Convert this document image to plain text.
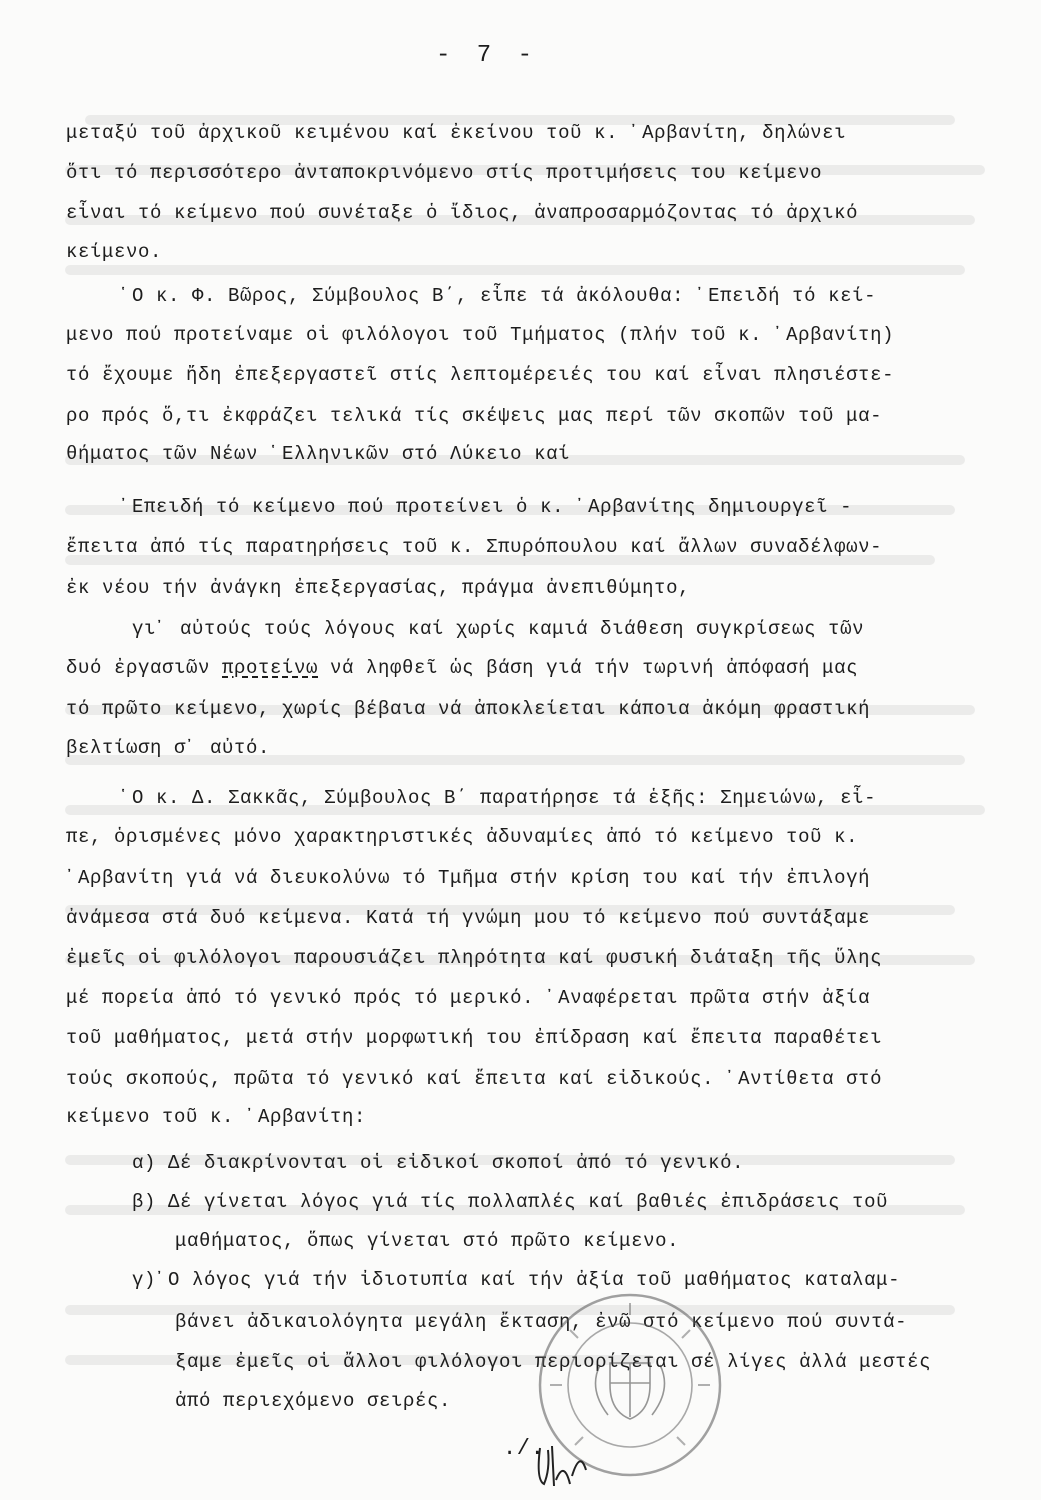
- 7 -
μεταξύ τοῦ ἀρχικοῦ κειμένου καί ἐκείνου τοῦ κ. ᾽Αρβανίτη, δηλώνει
ὅτι τό περισσότερο ἀνταποκρινόμενο στίς προτιμήσεις του κείμενο
εἶναι τό κείμενο πού συνέταξε ὁ ἴδιος, ἀναπροσαρμόζοντας τό ἀρχικό
κείμενο.
῾Ο κ. Φ. Βῶρος, Σύμβουλος Β΄, εἶπε τά ἀκόλουθα: ᾽Επειδή τό κεί-
μενο πού προτείναμε οἱ φιλόλογοι τοῦ Τμήματος (πλήν τοῦ κ. ᾽Αρβανίτη)
τό ἔχουμε ἤδη ἐπεξεργαστεῖ στίς λεπτομέρειές του καί εἶναι πλησιέστε-
ρο πρός ὅ,τι ἐκφράζει τελικά τίς σκέψεις μας περί τῶν σκοπῶν τοῦ μα-
θήματος τῶν Νέων ῾Ελληνικῶν στό Λύκειο καί
᾽Επειδή τό κείμενο πού προτείνει ὁ κ. ᾽Αρβανίτης δημιουργεῖ -
ἔπειτα ἀπό τίς παρατηρήσεις τοῦ κ. Σπυρόπουλου καί ἄλλων συναδέλφων-
ἐκ νέου τήν ἀνάγκη ἐπεξεργασίας, πράγμα ἀνεπιθύμητο,
γι᾽ αὐτούς τούς λόγους καί χωρίς καμιά διάθεση συγκρίσεως τῶν
δυό ἐργασιῶν προτείνω νά ληφθεῖ ὡς βάση γιά τήν τωρινή ἀπόφασή μας
τό πρῶτο κείμενο, χωρίς βέβαια νά ἀποκλείεται κάποια ἀκόμη φραστική
βελτίωση σ᾽ αὐτό.
῾Ο κ. Δ. Σακκᾶς, Σύμβουλος Β΄ παρατήρησε τά ἑξῆς: Σημειώνω, εἶ-
πε, ὁρισμένες μόνο χαρακτηριστικές ἀδυναμίες ἀπό τό κείμενο τοῦ κ.
᾽Αρβανίτη γιά νά διευκολύνω τό Τμῆμα στήν κρίση του καί τήν ἐπιλογή
ἀνάμεσα στά δυό κείμενα. Κατά τή γνώμη μου τό κείμενο πού συντάξαμε
ἐμεῖς οἱ φιλόλογοι παρουσιάζει πληρότητα καί φυσική διάταξη τῆς ὕλης
μέ πορεία ἀπό τό γενικό πρός τό μερικό. ᾽Αναφέρεται πρῶτα στήν ἀξία
τοῦ μαθήματος, μετά στήν μορφωτική του ἐπίδραση καί ἔπειτα παραθέτει
τούς σκοπούς, πρῶτα τό γενικό καί ἔπειτα καί εἰδικούς. ᾽Αντίθετα στό
κείμενο τοῦ κ. ᾽Αρβανίτη:
α) Δέ διακρίνονται οἱ εἰδικοί σκοποί ἀπό τό γενικό.
β) Δέ γίνεται λόγος γιά τίς πολλαπλές καί βαθιές ἐπιδράσεις τοῦ
μαθήματος, ὅπως γίνεται στό πρῶτο κείμενο.
γ)᾽Ο λόγος γιά τήν ἰδιοτυπία καί τήν ἀξία τοῦ μαθήματος καταλαμ-
βάνει ἀδικαιολόγητα μεγάλη ἔκταση, ἐνῶ στό κείμενο πού συντά-
ξαμε ἐμεῖς οἱ ἄλλοι φιλόλογοι περιορίζεται σέ λίγες ἀλλά μεστές
ἀπό περιεχόμενο σειρές.
./.
